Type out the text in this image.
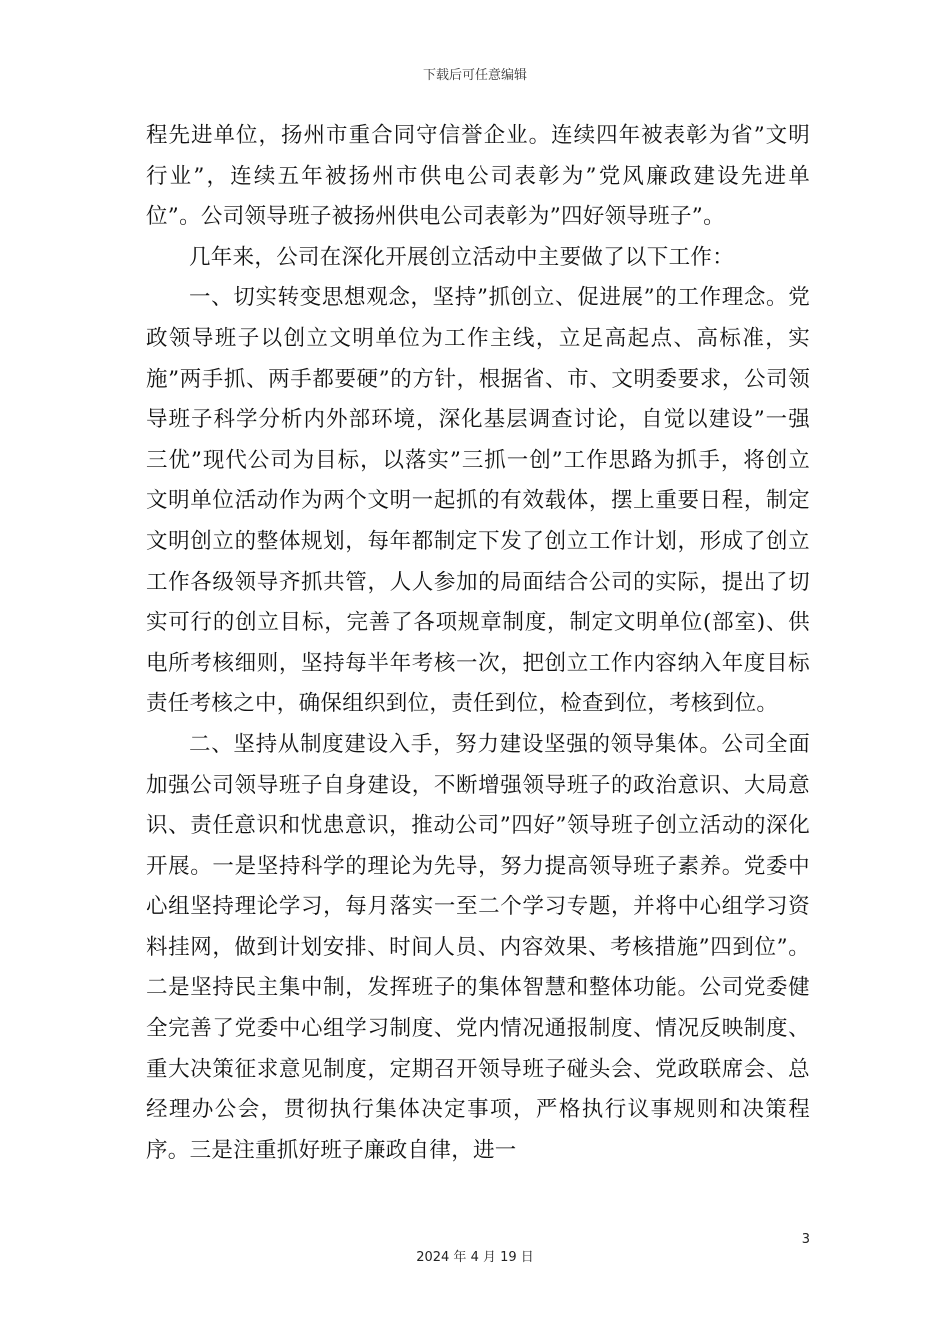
下载后可任意编辑

程先进单位，扬州市重合同守信誉企业。连续四年被表彰为省”文明行业”，连续五年被扬州市供电公司表彰为”党风廉政建设先进单位”。公司领导班子被扬州供电公司表彰为”四好领导班子”。

几年来，公司在深化开展创立活动中主要做了以下工作：

一、切实转变思想观念，坚持”抓创立、促进展”的工作理念。党政领导班子以创立文明单位为工作主线，立足高起点、高标准，实施”两手抓、两手都要硬”的方针，根据省、市、文明委要求，公司领导班子科学分析内外部环境，深化基层调查讨论，自觉以建设”一强三优”现代公司为目标，以落实”三抓一创”工作思路为抓手，将创立文明单位活动作为两个文明一起抓的有效载体，摆上重要日程，制定文明创立的整体规划，每年都制定下发了创立工作计划，形成了创立工作各级领导齐抓共管，人人参加的局面结合公司的实际，提出了切实可行的创立目标，完善了各项规章制度，制定文明单位(部室)、供电所考核细则，坚持每半年考核一次，把创立工作内容纳入年度目标责任考核之中，确保组织到位，责任到位，检查到位，考核到位。

二、坚持从制度建设入手，努力建设坚强的领导集体。公司全面加强公司领导班子自身建设，不断增强领导班子的政治意识、大局意识、责任意识和忧患意识，推动公司”四好”领导班子创立活动的深化开展。一是坚持科学的理论为先导，努力提高领导班子素养。党委中心组坚持理论学习，每月落实一至二个学习专题，并将中心组学习资料挂网，做到计划安排、时间人员、内容效果、考核措施”四到位”。二是坚持民主集中制，发挥班子的集体智慧和整体功能。公司党委健全完善了党委中心组学习制度、党内情况通报制度、情况反映制度、重大决策征求意见制度，定期召开领导班子碰头会、党政联席会、总经理办公会，贯彻执行集体决定事项，严格执行议事规则和决策程序。三是注重抓好班子廉政自律，进一

3
2024 年 4 月 19 日
